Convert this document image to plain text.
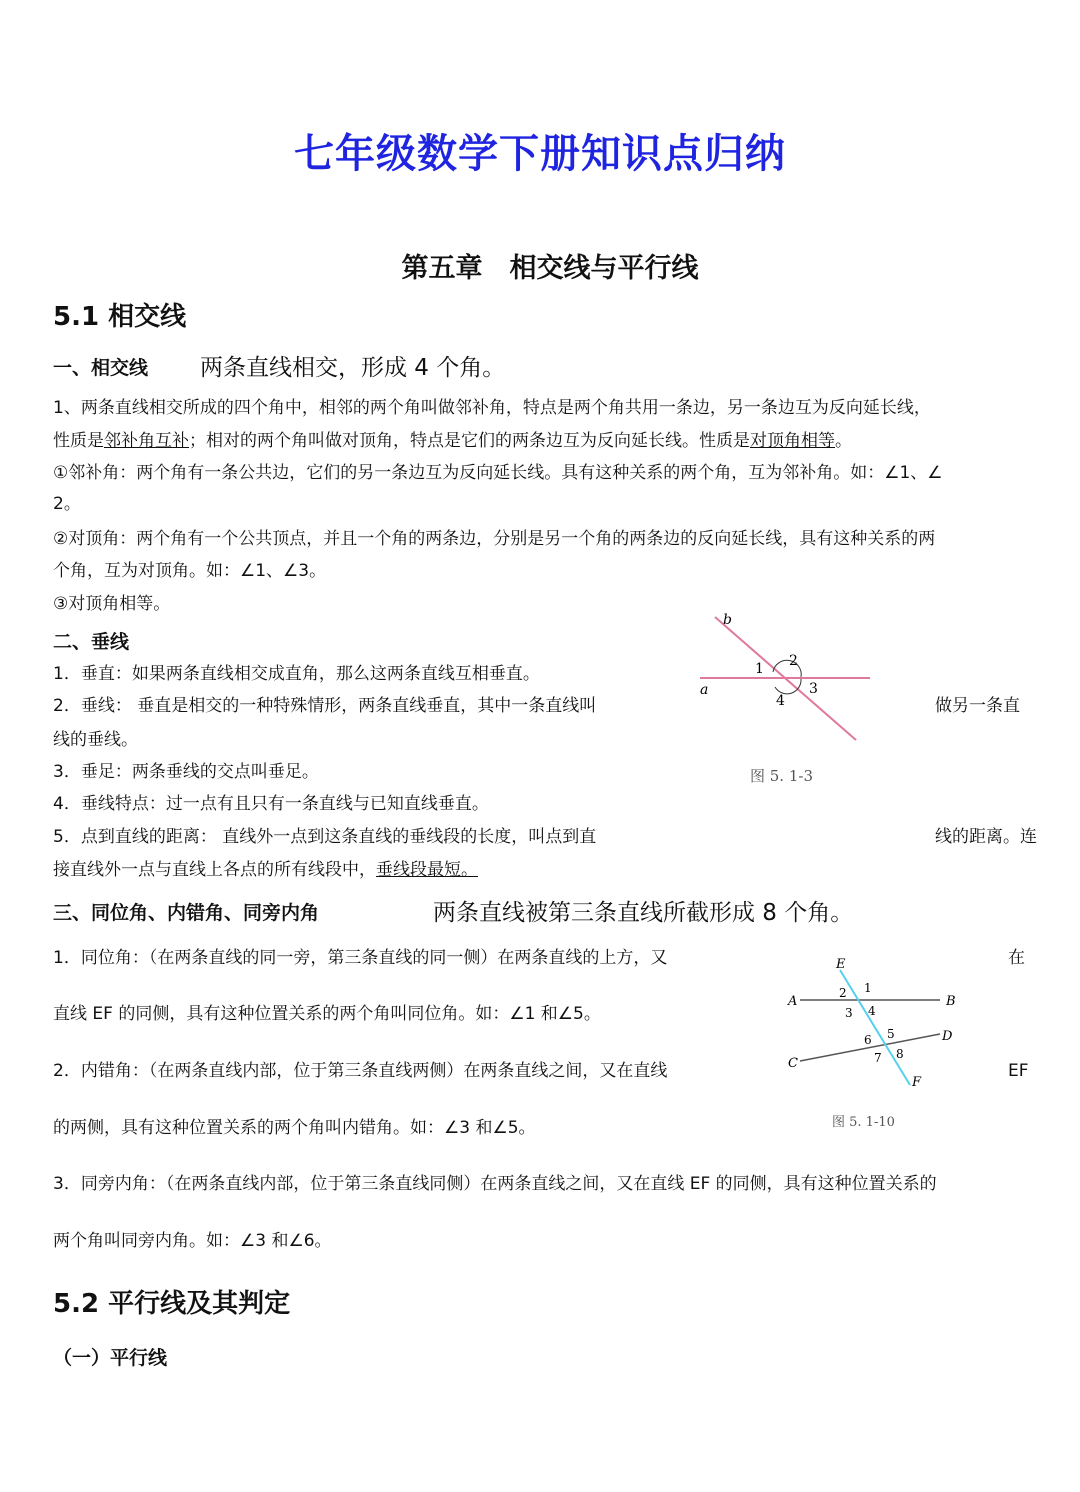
七年级数学下册知识点归纳
第五章　相交线与平行线
5.1 相交线
一、相交线 两条直线相交，形成 4 个角。
1、两条直线相交所成的四个角中，相邻的两个角叫做邻补角，特点是两个角共用一条边，另一条边互为反向延长线，
性质是邻补角互补；相对的两个角叫做对顶角，特点是它们的两条边互为反向延长线。性质是对顶角相等。
①邻补角：两个角有一条公共边，它们的另一条边互为反向延长线。具有这种关系的两个角，互为邻补角。如：∠1、∠
2。
②对顶角：两个角有一个公共顶点，并且一个角的两条边，分别是另一个角的两条边的反向延长线，具有这种关系的两
个角，互为对顶角。如：∠1、∠3。
③对顶角相等。
二、垂线
1．垂直：如果两条直线相交成直角，那么这两条直线互相垂直。
2．垂线： 垂直是相交的一种特殊情形，两条直线垂直，其中一条直线叫	做另一条直
线的垂线。
3．垂足：两条垂线的交点叫垂足。
4．垂线特点：过一点有且只有一条直线与已知直线垂直。
5．点到直线的距离： 直线外一点到这条直线的垂线段的长度，叫点到直	线的距离。连
接直线外一点与直线上各点的所有线段中，垂线段最短。
b
a
1 2
3
4
图 5. 1-3
三、同位角、内错角、同旁内角	两条直线被第三条直线所截形成 8 个角。
1．同位角：（在两条直线的同一旁，第三条直线的同一侧）在两条直线的上方，又	在
直线 EF 的同侧，具有这种位置关系的两个角叫同位角。如：∠1 和∠5。
2．内错角：（在两条直线内部，位于第三条直线两侧）在两条直线之间，又在直线	EF
的两侧，具有这种位置关系的两个角叫内错角。如：∠3 和∠5。
3．同旁内角：（在两条直线内部，位于第三条直线同侧）在两条直线之间，又在直线 EF 的同侧，具有这种位置关系的
两个角叫同旁内角。如：∠3 和∠6。
E
F
A	B
C
D
1
2
3 4
5
6
7 8
图 5. 1-10
5.2 平行线及其判定
（一）平行线
